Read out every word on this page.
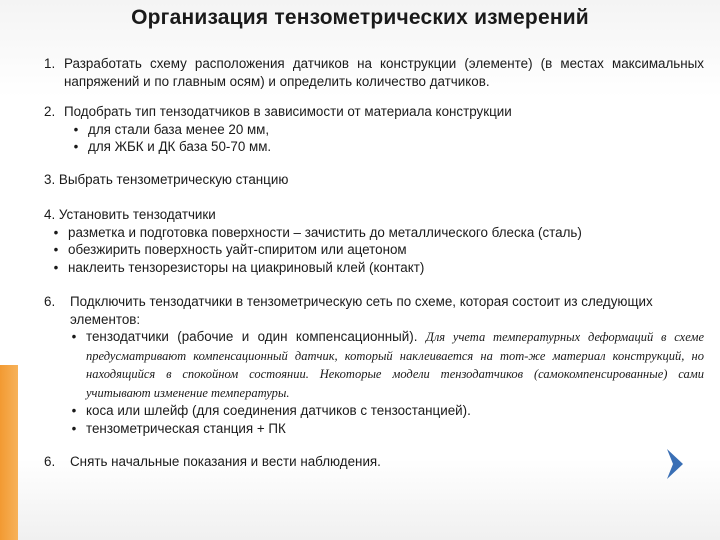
Организация тензометрических измерений
1. Разработать схему расположения датчиков на конструкции (элементе) (в местах максимальных напряжений и по главным осям) и определить количество датчиков.
2. Подобрать тип тензодатчиков в зависимости от материала конструкции
• для стали база менее 20 мм,
• для ЖБК и ДК база 50-70 мм.
3. Выбрать тензометрическую станцию
4. Установить тензодатчики
• разметка и подготовка поверхности – зачистить до металлического блеска (сталь)
• обезжирить поверхность уайт-спиритом или ацетоном
• наклеить тензорезисторы на циакриновый клей (контакт)
6.	Подключить тензодатчики в тензометрическую сеть по схеме, которая состоит из следующих элементов:
• тензодатчики (рабочие и один компенсационный). Для учета температурных деформаций в схеме предусматривают компенсационный датчик, который наклеивается на тот-же материал конструкций, но находящийся в спокойном состоянии. Некоторые модели тензодатчиков (самокомпенсированные) сами учитывают изменение температуры.
• коса или шлейф (для соединения датчиков с тензостанцией).
• тензометрическая станция + ПК
6.	Снять начальные показания и вести наблюдения.
